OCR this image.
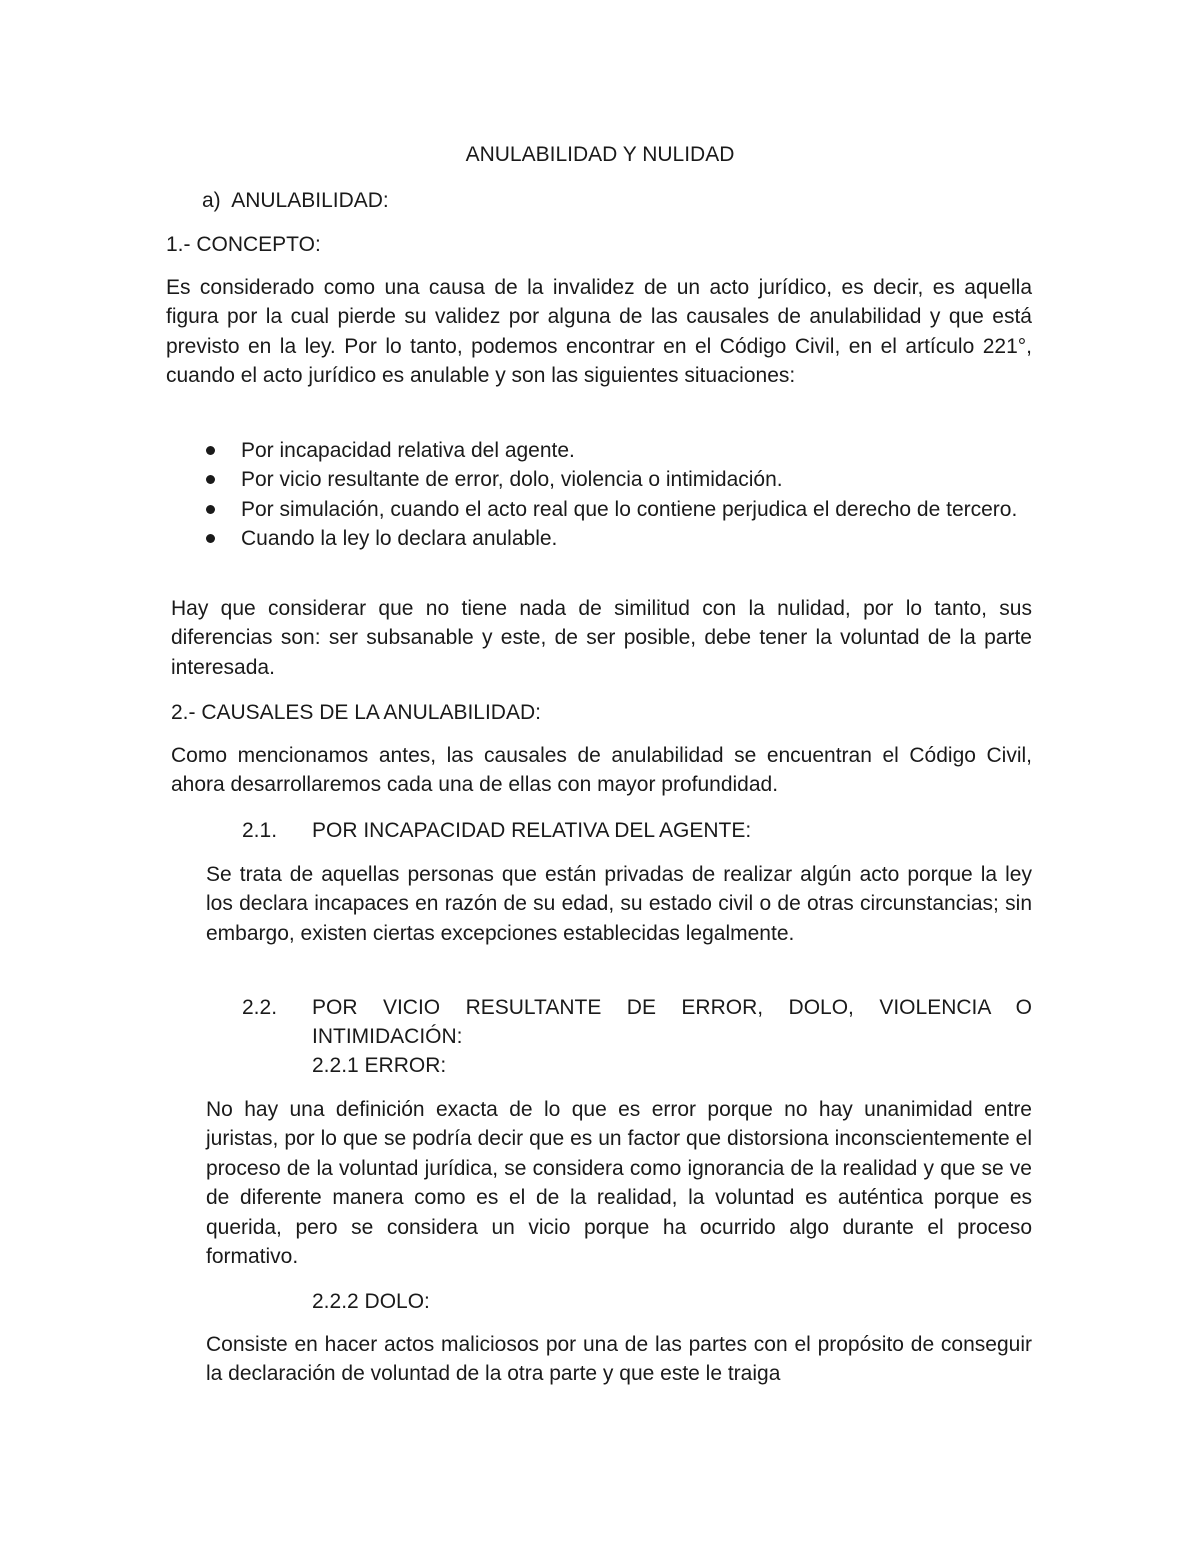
ANULABILIDAD Y NULIDAD

a) ANULABILIDAD:

1.- CONCEPTO:

Es considerado como una causa de la invalidez de un acto jurídico, es decir, es aquella figura por la cual pierde su validez por alguna de las causales de anulabilidad y que está previsto en la ley. Por lo tanto, podemos encontrar en el Código Civil, en el artículo 221°, cuando el acto jurídico es anulable y son las siguientes situaciones:

Por incapacidad relativa del agente.
Por vicio resultante de error, dolo, violencia o intimidación.
Por simulación, cuando el acto real que lo contiene perjudica el derecho de tercero.
Cuando la ley lo declara anulable.

Hay que considerar que no tiene nada de similitud con la nulidad, por lo tanto, sus diferencias son: ser subsanable y este, de ser posible, debe tener la voluntad de la parte interesada.

2.- CAUSALES DE LA ANULABILIDAD:

Como mencionamos antes, las causales de anulabilidad se encuentran el Código Civil, ahora desarrollaremos cada una de ellas con mayor profundidad.

2.1. POR INCAPACIDAD RELATIVA DEL AGENTE:

Se trata de aquellas personas que están privadas de realizar algún acto porque la ley los declara incapaces en razón de su edad, su estado civil o de otras circunstancias; sin embargo, existen ciertas excepciones establecidas legalmente.

2.2.	POR VICIO RESULTANTE DE ERROR, DOLO, VIOLENCIA O INTIMIDACIÓN:

2.2.1 ERROR:

No hay una definición exacta de lo que es error porque no hay unanimidad entre juristas, por lo que se podría decir que es un factor que distorsiona inconscientemente el proceso de la voluntad jurídica, se considera como ignorancia de la realidad y que se ve de diferente manera como es el de la realidad, la voluntad es auténtica porque es querida, pero se considera un vicio porque ha ocurrido algo durante el proceso formativo.

2.2.2 DOLO:

Consiste en hacer actos maliciosos por una de las partes con el propósito de conseguir la declaración de voluntad de la otra parte y que este le traiga
